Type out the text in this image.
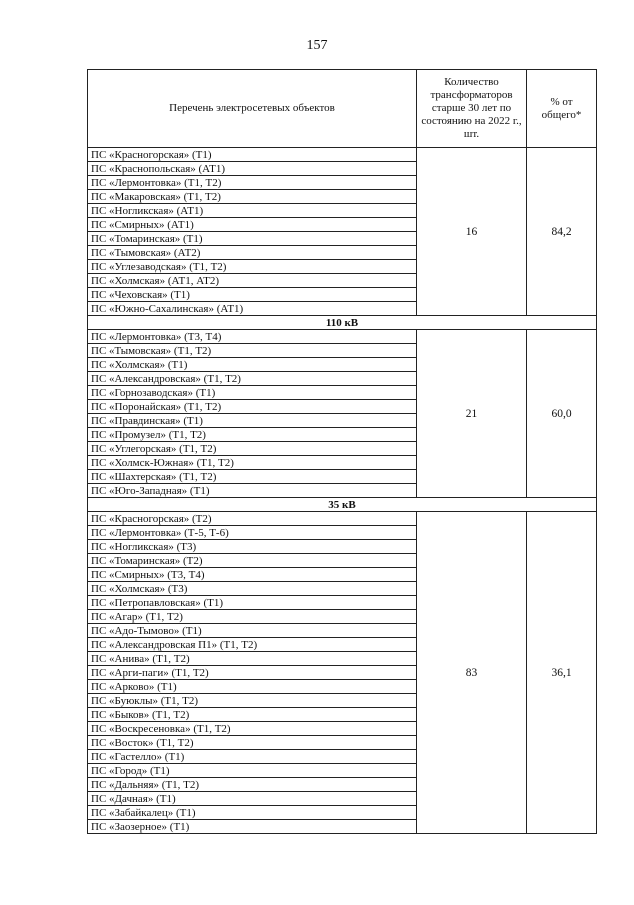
157
Перечень электросетевых объектов	Количество трансформаторов старше 30 лет по состоянию на 2022 г., шт.	% от общего*
ПС «Красногорская» (Т1)	16	84,2
ПС «Краснопольская» (АТ1)		
ПС «Лермонтовка» (Т1, Т2)		
ПС «Макаровская» (Т1, Т2)		
ПС «Ногликская» (АТ1)		
ПС «Смирных» (АТ1)		
ПС «Томаринская» (Т1)		
ПС «Тымовская» (АТ2)		
ПС «Углезаводская» (Т1, Т2)		
ПС «Холмская» (АТ1, АТ2)		
ПС «Чеховская» (Т1)		
ПС «Южно-Сахалинская» (АТ1)		
110 кВ		
ПС «Лермонтовка» (Т3, Т4)	21	60,0
ПС «Тымовская» (Т1, Т2)		
ПС «Холмская» (Т1)		
ПС «Александровская» (Т1, Т2)		
ПС «Горнозаводская» (Т1)		
ПС «Поронайская» (Т1, Т2)		
ПС «Правдинская» (Т1)		
ПС «Промузел» (Т1, Т2)		
ПС «Углегорская» (Т1, Т2)		
ПС «Холмск-Южная» (Т1, Т2)		
ПС «Шахтерская» (Т1, Т2)		
ПС «Юго-Западная» (Т1)		
35 кВ		
ПС «Красногорская» (Т2)	83	36,1
ПС «Лермонтовка» (Т-5, Т-6)		
ПС «Ногликская» (Т3)		
ПС «Томаринская» (Т2)		
ПС «Смирных» (Т3, Т4)		
ПС «Холмская» (Т3)		
ПС «Петропавловская» (Т1)		
ПС «Агар» (Т1, Т2)		
ПС «Адо-Тымово» (Т1)		
ПС «Александровская П1» (Т1, Т2)		
ПС «Анива» (Т1, Т2)		
ПС «Арги-паги» (Т1, Т2)		
ПС «Арково» (Т1)		
ПС «Буюклы» (Т1, Т2)		
ПС «Быков» (Т1, Т2)		
ПС «Воскресеновка» (Т1, Т2)		
ПС «Восток» (Т1, Т2)		
ПС «Гастелло» (Т1)		
ПС «Город» (Т1)		
ПС «Дальняя» (Т1, Т2)		
ПС «Дачная» (Т1)		
ПС «Забайкалец» (Т1)		
ПС «Заозерное» (Т1)		
